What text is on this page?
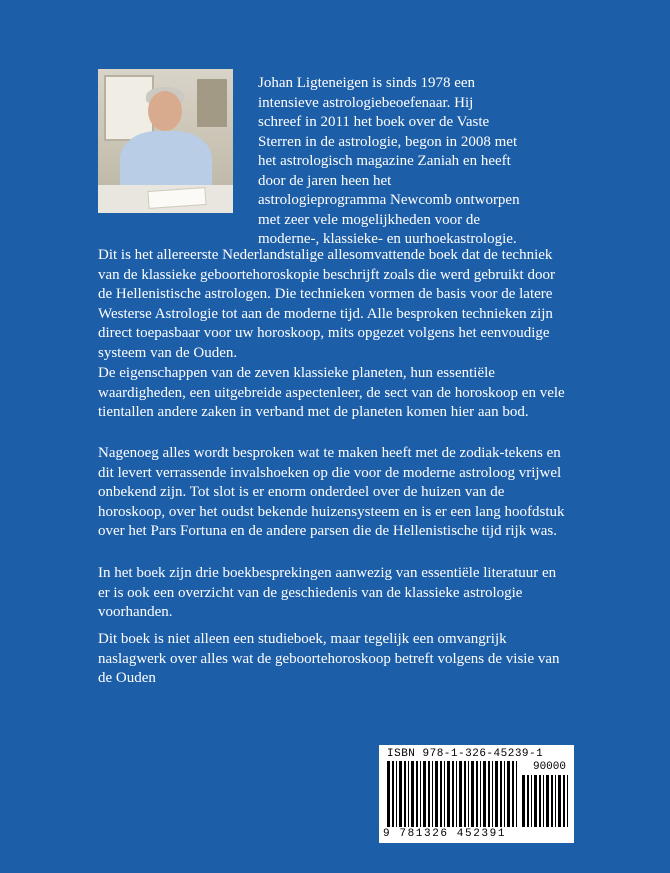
Johan Ligteneigen is sinds 1978 een intensieve astrologiebeoefenaar. Hij schreef in 2011 het boek over de Vaste Sterren in de astrologie, begon in 2008 met het astrologisch magazine Zaniah en heeft door de jaren heen het astrologieprogramma Newcomb ontworpen met zeer vele mogelijkheden voor de moderne-, klassieke- en uurhoekastrologie.

Dit is het allereerste Nederlandstalige allesomvattende boek dat de techniek van de klassieke geboortehoroskopie beschrijft zoals die werd gebruikt door de Hellenistische astrologen. Die technieken vormen de basis voor de latere Westerse Astrologie tot aan de moderne tijd. Alle besproken technieken zijn direct toepasbaar voor uw horoskoop, mits opgezet volgens het eenvoudige systeem van de Ouden.

De eigenschappen van de zeven klassieke planeten, hun essentiële waardigheden, een uitgebreide aspectenleer, de sect van de horoskoop en vele tientallen andere zaken in verband met de planeten komen hier aan bod.

Nagenoeg alles wordt besproken wat te maken heeft met de zodiak-tekens en dit levert verrassende invalshoeken op die voor de moderne astroloog vrijwel onbekend zijn. Tot slot is er enorm onderdeel over de huizen van de horoskoop, over het oudst bekende huizensysteem en is er een lang hoofdstuk over het Pars Fortuna en de andere parsen die de Hellenistische tijd rijk was.

In het boek zijn drie boekbesprekingen aanwezig van essentiële literatuur en er is ook een overzicht van de geschiedenis van de klassieke astrologie voorhanden.

Dit boek is niet alleen een studieboek, maar tegelijk een omvangrijk naslagwerk over alles wat de geboortehoroskoop betreft volgens de visie van de Ouden

ISBN 978-1-326-45239-1
90000
9 781326 452391
